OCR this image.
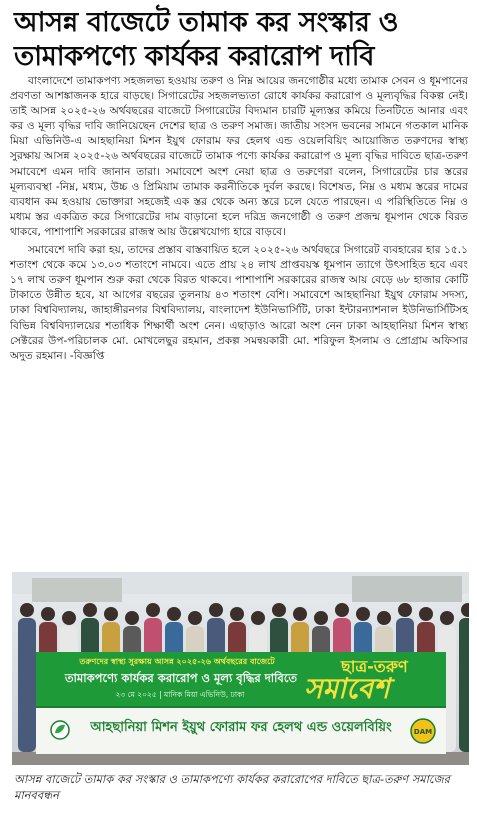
আসন্ন বাজেটে তামাক কর সংস্কার ও তামাকপণ্যে কার্যকর করারোপ দাবি

বাংলাদেশে তামাকপণ্য সহজলভ্য হওয়ায় তরুণ ও নিম্ন আয়ের জনগোষ্ঠীর মধ্যে তামাক সেবন ও ধূমপানের প্রবণতা আশঙ্কাজনক হারে বাড়ছে। সিগারেটের সহজলভ্যতা রোধে কার্যকর করারোপ ও মূল্যবৃদ্ধির বিকল্প নেই। তাই আসন্ন ২০২৫-২৬ অর্থবছরের বাজেটে সিগারেটের বিদ্যমান চারটি মূল্যস্তর কমিয়ে তিনটিতে আনার এবং কর ও মূল্য বৃদ্ধির দাবি জানিয়েছেন দেশের ছাত্র ও তরুণ সমাজ। জাতীয় সংসদ ভবনের সামনে গতকাল মানিক মিয়া এভিনিউ-এ আহছানিয়া মিশন ইয়ুথ ফোরাম ফর হেলথ এন্ড ওয়েলবিয়িং আয়োজিত তরুণদের স্বাস্থ্য সুরক্ষায় আসন্ন ২০২৫-২৬ অর্থবছরের বাজেটে তামাক পণ্যে কার্যকর করারোপ ও মূল্য বৃদ্ধির দাবিতে ছাত্র-তরুণ সমাবেশে এমন দাবি জানান তারা। সমাবেশে অংশ নেয়া ছাত্র ও তরুণেরা বলেন, সিগারেটের চার স্তরের মূল্যব্যবস্থা -নিম্ন, মধ্যম, উচ্চ ও প্রিমিয়াম তামাক করনীতিকে দুর্বল করছে। বিশেষত, নিম্ন ও মধ্যম স্তরের দামের ব্যবধান কম হওয়ায় ভোক্তারা সহজেই এক স্তর থেকে অন্য স্তরে চলে যেতে পারছেন। এ পরিস্থিতিতে নিম্ন ও মধ্যম স্তর একত্রিত করে সিগারেটের দাম বাড়ানো হলে দরিদ্র জনগোষ্ঠী ও তরুণ প্রজন্ম ধূমপান থেকে বিরত থাকবে, পাশাপাশি সরকারের রাজস্ব আয় উল্লেখযোগ্য হারে বাড়বে।

সমাবেশে দাবি করা হয়, তাদের প্রস্তাব বাস্তবায়িত হলে ২০২৫-২৬ অর্থবছরে সিগারেট ব্যবহারের হার ১৫.১ শতাংশ থেকে কমে ১৩.০৩ শতাংশে নামবে। এতে প্রায় ২৪ লাখ প্রাপ্তবয়স্ক ধূমপান ত্যাগে উৎসাহিত হবে এবং ১৭ লাখ তরুণ ধূমপান শুরু করা থেকে বিরত থাকবে। পাশাপাশি সরকারের রাজস্ব আয় বেড়ে ৬৮ হাজার কোটি টাকাতে উন্নীত হবে, যা আগের বছরের তুলনায় ৪৩ শতাংশ বেশি। সমাবেশে আহছানিয়া ইয়ুথ ফোরাম সদস্য, ঢাকা বিশ্ববিদ্যালয়, জাহাঙ্গীরনগর বিশ্ববিদ্যালয়, বাংলাদেশ ইউনিভার্সিটি, ঢাকা ইন্টারন্যাশনাল ইউনিভার্সিটিসহ বিভিন্ন বিশ্ববিদ্যালয়ের শতাধিক শিক্ষার্থী অংশ নেন। এছাড়াও আরো অংশ নেন ঢাকা আহছানিয়া মিশন স্বাস্থ্য সেক্টরের উপ-পরিচালক মো. মোখলেছুর রহমান, প্রকল্প সমন্বয়কারী মো. শরিফুল ইসলাম ও প্রোগ্রাম অফিসার অদুত রহমান। -বিজ্ঞপ্তি

তরুণদের স্বাস্থ্য সুরক্ষায় আসন্ন ২০২৫-২৬ অর্থবছরের বাজেটে
তামাকপণ্যে কার্যকর করারোপ ও মূল্য বৃদ্ধির দাবিতে
২৩ মে ২০২৫ | মানিক মিয়া এভিনিউ, ঢাকা
ছাত্র-তরুণ
সমাবেশ
আহছানিয়া মিশন ইয়ুথ ফোরাম ফর হেলথ এন্ড ওয়েলবিয়িং	DAM
আসন্ন বাজেটে তামাক কর সংস্কার ও তামাকপণ্যে কার্যকর করারোপের দাবিতে ছাত্র-তরুণ সমাজের মানববন্ধন
